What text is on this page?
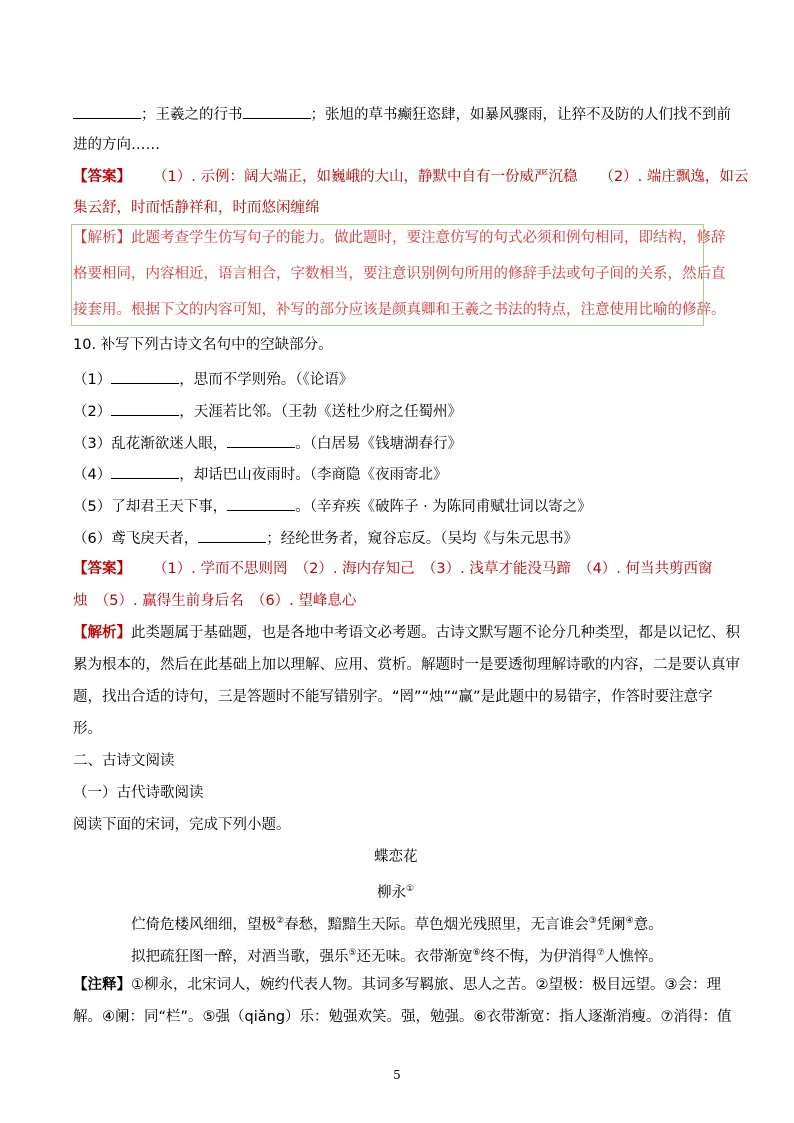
；王羲之的行书	；张旭的草书癫狂恣肆，如暴风骤雨，让猝不及防的人们找不到前
进的方向……
【答案】 （1）. 示例：阔大端正，如巍峨的大山，静默中自有一份威严沉稳 （2）. 端庄飘逸，如云
集云舒，时而恬静祥和，时而悠闲缠绵
【解析】此题考查学生仿写句子的能力。做此题时，要注意仿写的句式必须和例句相同，即结构，修辞
格要相同，内容相近，语言相合，字数相当，要注意识别例句所用的修辞手法或句子间的关系，然后直
接套用。根据下文的内容可知，补写的部分应该是颜真卿和王羲之书法的特点，注意使用比喻的修辞。
10. 补写下列古诗文名句中的空缺部分。
（1）	，思而不学则殆。（《论语》
（2）	，天涯若比邻。（王勃《送杜少府之任蜀州》
（3）乱花渐欲迷人眼，	。（白居易《钱塘湖春行》
（4）	，却话巴山夜雨时。（李商隐《夜雨寄北》
（5）了却君王天下事，	。（辛弃疾《破阵子 · 为陈同甫赋壮词以寄之》
（6）鸢飞戾天者，	；经纶世务者，窥谷忘反。（吴均《与朱元思书》
【答案】 （1）. 学而不思则罔　（2）. 海内存知己　（3）. 浅草才能没马蹄　（4）. 何当共剪西窗
烛　（5）. 赢得生前身后名　（6）. 望峰息心
【解析】此类题属于基础题，也是各地中考语文必考题。古诗文默写题不论分几种类型，都是以记忆、积
累为根本的，然后在此基础上加以理解、应用、赏析。解题时一是要透彻理解诗歌的内容，二是要认真审
题，找出合适的诗句，三是答题时不能写错别字。“罔”“烛”“赢”是此题中的易错字，作答时要注意字
形。
二、古诗文阅读
（一）古代诗歌阅读
阅读下面的宋词，完成下列小题。
蝶恋花
柳永①
伫倚危楼风细细，望极②春愁，黯黯生天际。草色烟光残照里，无言谁会③凭阑④意。
拟把疏狂图一醉，对酒当歌，强乐⑤还无味。衣带渐宽⑥终不悔，为伊消得⑦人憔悴。
【注释】①柳永，北宋词人，婉约代表人物。其词多写羁旅、思人之苦。②望极：极目远望。③会：理
解。④阑：同“栏”。⑤强（qiǎng）乐：勉强欢笑。强，勉强。⑥衣带渐宽：指人逐渐消瘦。⑦消得：值
5
